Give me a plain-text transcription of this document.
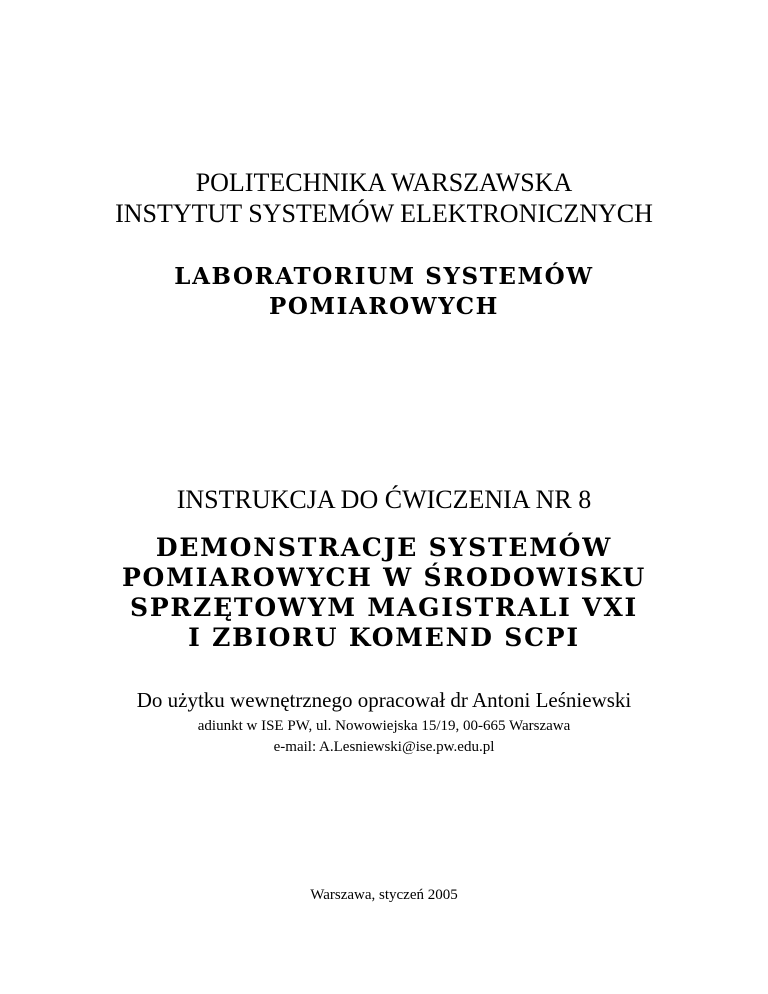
POLITECHNIKA WARSZAWSKA
INSTYTUT SYSTEMÓW ELEKTRONICZNYCH
LABORATORIUM SYSTEMÓW
POMIAROWYCH
INSTRUKCJA DO ĆWICZENIA NR 8
DEMONSTRACJE SYSTEMÓW
POMIAROWYCH W ŚRODOWISKU
SPRZĘTOWYM MAGISTRALI VXI
I ZBIORU KOMEND SCPI
Do użytku wewnętrznego opracował dr Antoni Leśniewski
adiunkt w ISE PW, ul. Nowowiejska 15/19, 00-665 Warszawa
e-mail: A.Lesniewski@ise.pw.edu.pl
Warszawa, styczeń 2005
